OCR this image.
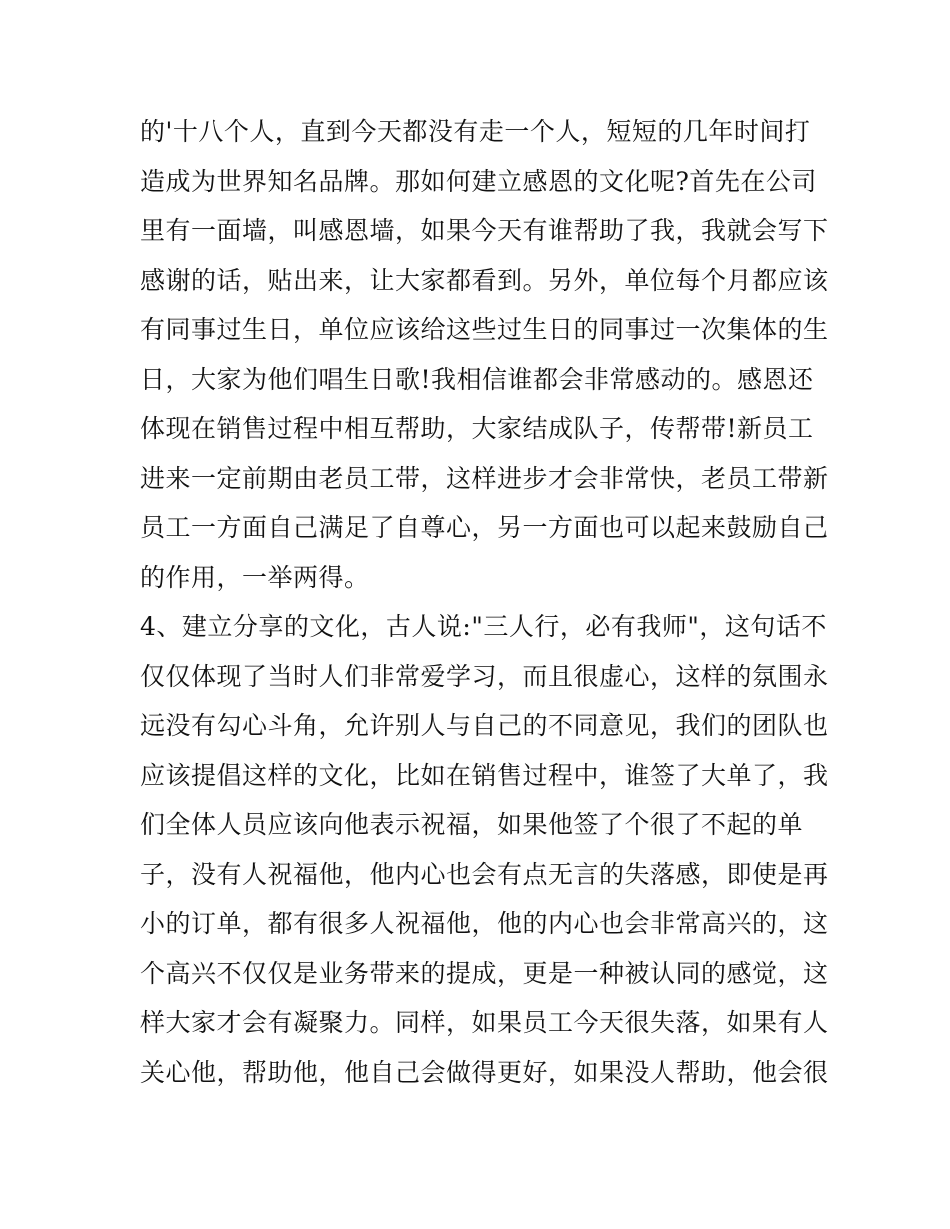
的'十八个人，直到今天都没有走一个人，短短的几年时间打
造成为世界知名品牌。那如何建立感恩的文化呢?首先在公司
里有一面墙，叫感恩墙，如果今天有谁帮助了我，我就会写下
感谢的话，贴出来，让大家都看到。另外，单位每个月都应该
有同事过生日，单位应该给这些过生日的同事过一次集体的生
日，大家为他们唱生日歌!我相信谁都会非常感动的。感恩还
体现在销售过程中相互帮助，大家结成队子，传帮带!新员工
进来一定前期由老员工带，这样进步才会非常快，老员工带新
员工一方面自己满足了自尊心，另一方面也可以起来鼓励自己
的作用，一举两得。
4、建立分享的文化，古人说:"三人行，必有我师"，这句话不
仅仅体现了当时人们非常爱学习，而且很虚心，这样的氛围永
远没有勾心斗角，允许别人与自己的不同意见，我们的团队也
应该提倡这样的文化，比如在销售过程中，谁签了大单了，我
们全体人员应该向他表示祝福，如果他签了个很了不起的单
子，没有人祝福他，他内心也会有点无言的失落感，即使是再
小的订单，都有很多人祝福他，他的内心也会非常高兴的，这
个高兴不仅仅是业务带来的提成，更是一种被认同的感觉，这
样大家才会有凝聚力。同样，如果员工今天很失落，如果有人
关心他，帮助他，他自己会做得更好，如果没人帮助，他会很
